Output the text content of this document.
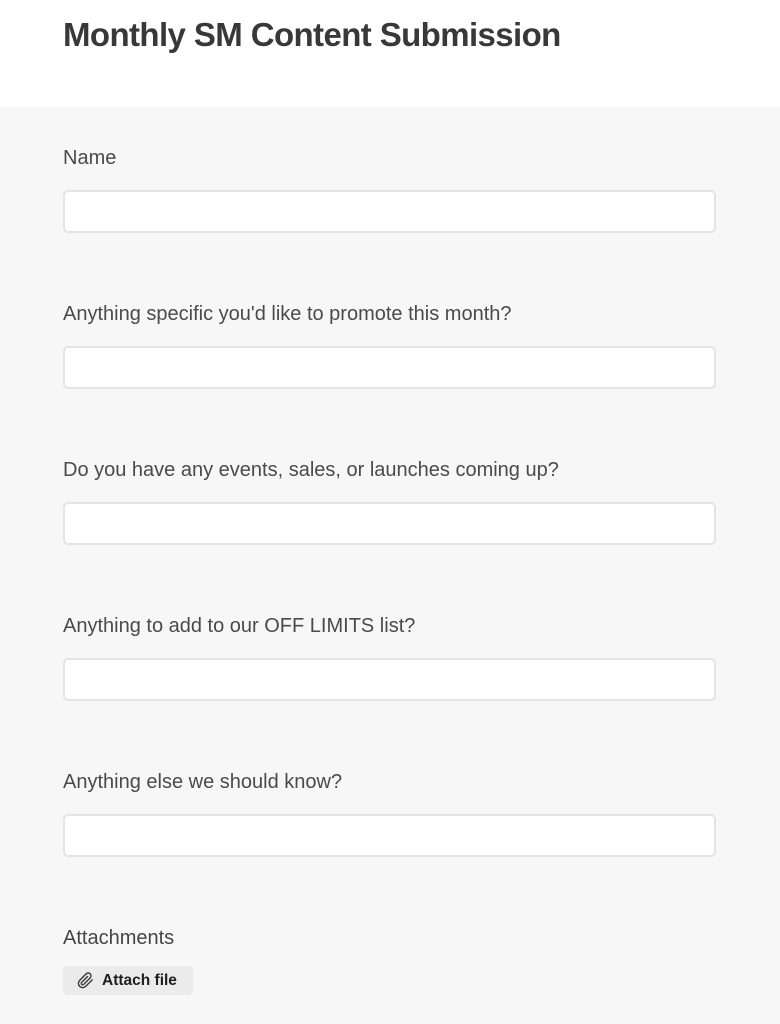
Monthly SM Content Submission
Name
Anything specific you'd like to promote this month?
Do you have any events, sales, or launches coming up?
Anything to add to our OFF LIMITS list?
Anything else we should know?
Attachments
Attach file
